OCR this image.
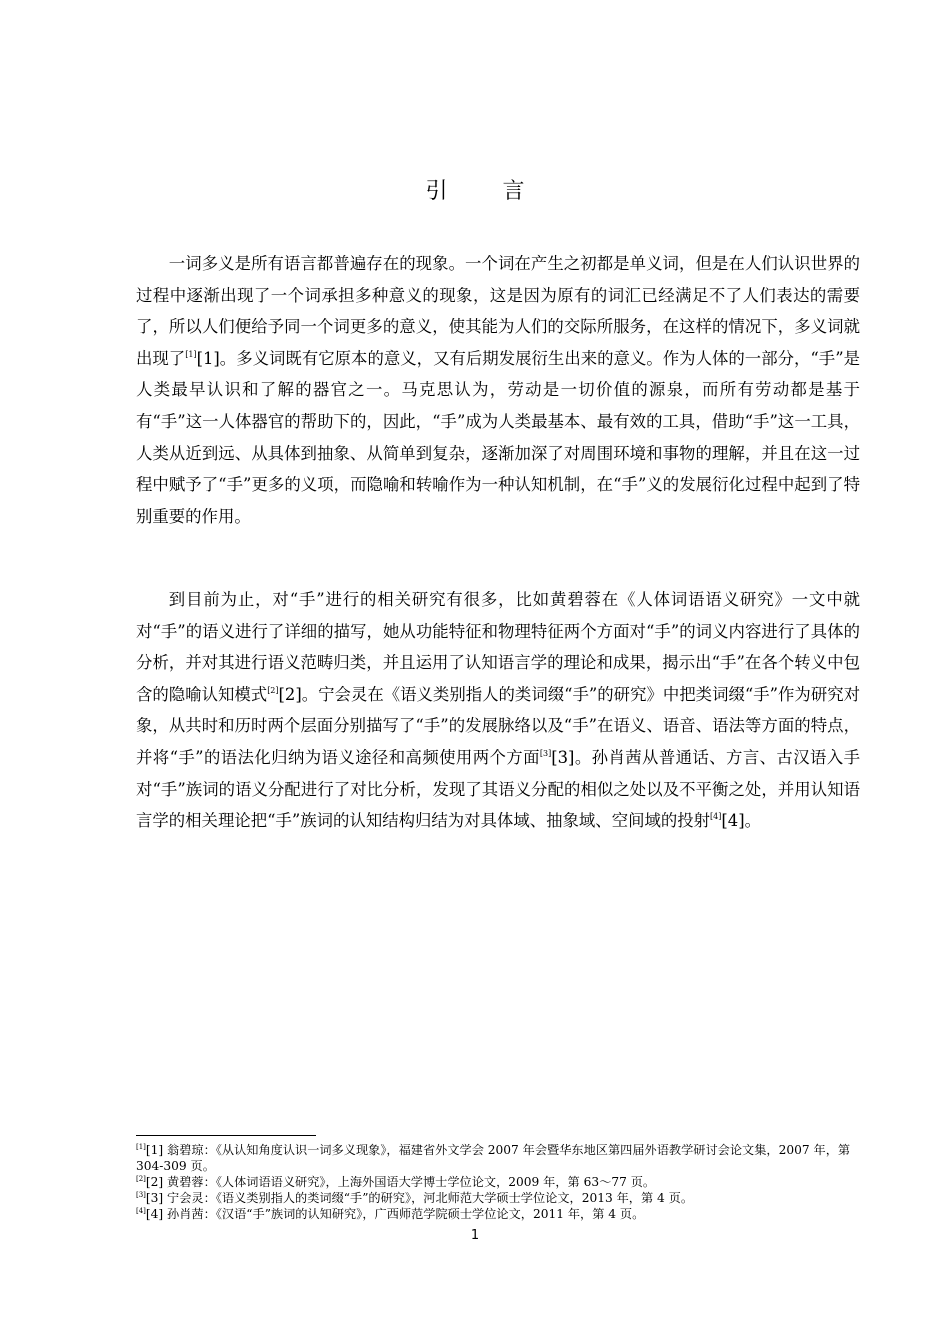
引 言

一词多义是所有语言都普遍存在的现象。一个词在产生之初都是单义词，但是在人们认识世界的过程中逐渐出现了一个词承担多种意义的现象，这是因为原有的词汇已经满足不了人们表达的需要了，所以人们便给予同一个词更多的意义，使其能为人们的交际所服务，在这样的情况下，多义词就出现了[1][1]。多义词既有它原本的意义，又有后期发展衍生出来的意义。作为人体的一部分，“手”是人类最早认识和了解的器官之一。马克思认为，劳动是一切价值的源泉，而所有劳动都是基于有“手”这一人体器官的帮助下的，因此，“手”成为人类最基本、最有效的工具，借助“手”这一工具，人类从近到远、从具体到抽象、从简单到复杂，逐渐加深了对周围环境和事物的理解，并且在这一过程中赋予了“手”更多的义项，而隐喻和转喻作为一种认知机制，在“手”义的发展衍化过程中起到了特别重要的作用。

到目前为止，对“手”进行的相关研究有很多，比如黄碧蓉在《人体词语语义研究》一文中就对“手”的语义进行了详细的描写，她从功能特征和物理特征两个方面对“手”的词义内容进行了具体的分析，并对其进行语义范畴归类，并且运用了认知语言学的理论和成果，揭示出“手”在各个转义中包含的隐喻认知模式[2][2]。宁会灵在《语义类别指人的类词缀“手”的研究》中把类词缀“手”作为研究对象，从共时和历时两个层面分别描写了“手”的发展脉络以及“手”在语义、语音、语法等方面的特点，并将“手”的语法化归纳为语义途径和高频使用两个方面[3][3]。孙肖茜从普通话、方言、古汉语入手对“手”族词的语义分配进行了对比分析，发现了其语义分配的相似之处以及不平衡之处，并用认知语言学的相关理论把“手”族词的认知结构归结为对具体域、抽象域、空间域的投射[4][4]。

[1][1] 翁碧琼：《从认知角度认识一词多义现象》，福建省外文学会 2007 年会暨华东地区第四届外语教学研讨会论文集，2007 年，第 304-309 页。

[2][2] 黄碧蓉：《人体词语语义研究》，上海外国语大学博士学位论文，2009 年，第 63～77 页。

[3][3] 宁会灵：《语义类别指人的类词缀“手”的研究》，河北师范大学硕士学位论文，2013 年，第 4 页。

[4][4] 孙肖茜：《汉语“手”族词的认知研究》，广西师范学院硕士学位论文，2011 年，第 4 页。

1
